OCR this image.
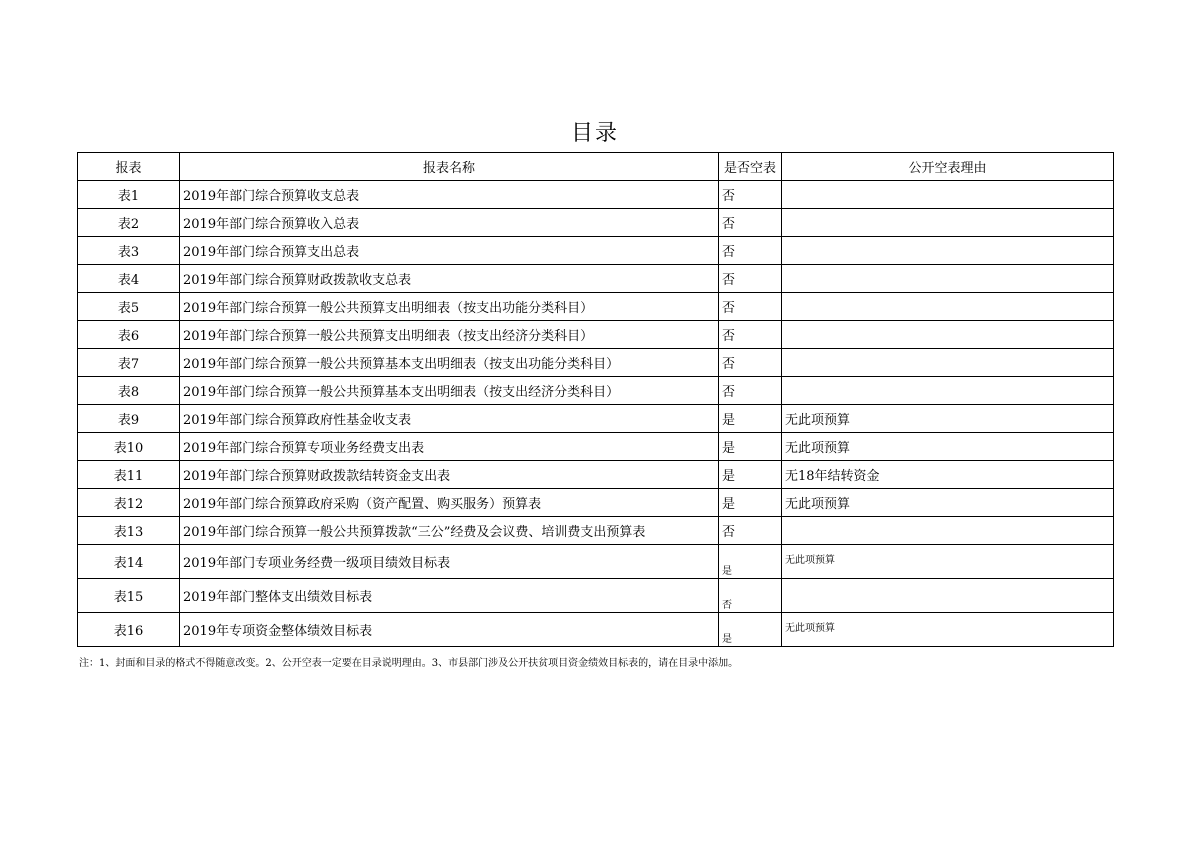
目录
报表	报表名称	是否空表	公开空表理由
表1	2019年部门综合预算收支总表	否	
表2	2019年部门综合预算收入总表	否	
表3	2019年部门综合预算支出总表	否	
表4	2019年部门综合预算财政拨款收支总表	否	
表5	2019年部门综合预算一般公共预算支出明细表（按支出功能分类科目）	否	
表6	2019年部门综合预算一般公共预算支出明细表（按支出经济分类科目）	否	
表7	2019年部门综合预算一般公共预算基本支出明细表（按支出功能分类科目）	否	
表8	2019年部门综合预算一般公共预算基本支出明细表（按支出经济分类科目）	否	
表9	2019年部门综合预算政府性基金收支表	是	无此项预算
表10	2019年部门综合预算专项业务经费支出表	是	无此项预算
表11	2019年部门综合预算财政拨款结转资金支出表	是	无18年结转资金
表12	2019年部门综合预算政府采购（资产配置、购买服务）预算表	是	无此项预算
表13	2019年部门综合预算一般公共预算拨款“三公”经费及会议费、培训费支出预算表	否	
表14	2019年部门专项业务经费一级项目绩效目标表	是	无此项预算
表15	2019年部门整体支出绩效目标表	否	
表16	2019年专项资金整体绩效目标表	是	无此项预算
注：1、封面和目录的格式不得随意改变。2、公开空表一定要在目录说明理由。3、市县部门涉及公开扶贫项目资金绩效目标表的，请在目录中添加。
